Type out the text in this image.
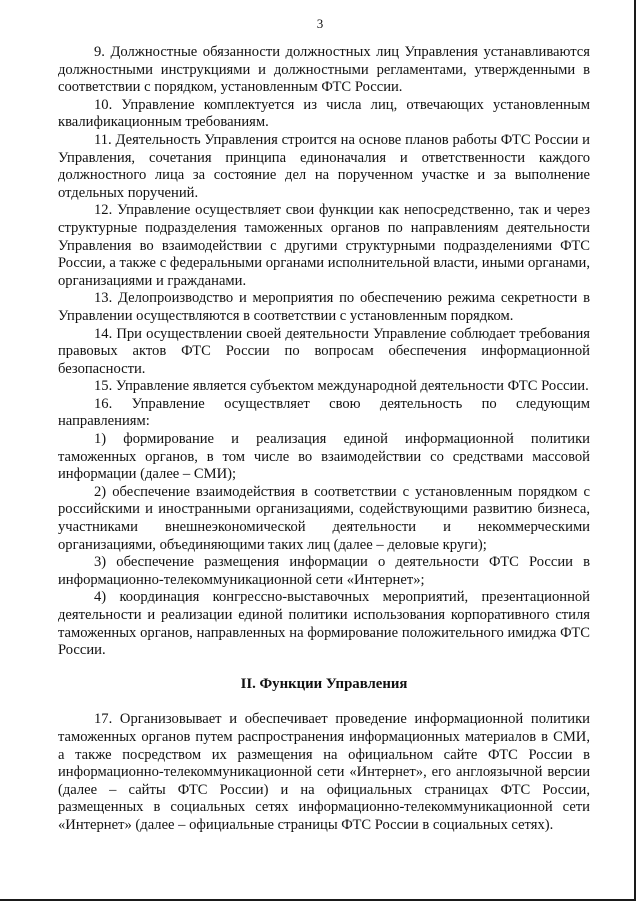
3

9. Должностные обязанности должностных лиц Управления устанавливаются должностными инструкциями и должностными регламентами, утвержденными в соответствии с порядком, установленным ФТС России.

10. Управление комплектуется из числа лиц, отвечающих установленным квалификационным требованиям.

11. Деятельность Управления строится на основе планов работы ФТС России и Управления, сочетания принципа единоначалия и ответственности каждого должностного лица за состояние дел на порученном участке и за выполнение отдельных поручений.

12. Управление осуществляет свои функции как непосредственно, так и через структурные подразделения таможенных органов по направлениям деятельности Управления во взаимодействии с другими структурными подразделениями ФТС России, а также с федеральными органами исполнительной власти, иными органами, организациями и гражданами.

13. Делопроизводство и мероприятия по обеспечению режима секретности в Управлении осуществляются в соответствии с установленным порядком.

14. При осуществлении своей деятельности Управление соблюдает требования правовых актов ФТС России по вопросам обеспечения информационной безопасности.

15. Управление является субъектом международной деятельности ФТС России.

16. Управление осуществляет свою деятельность по следующим направлениям:

1) формирование и реализация единой информационной политики таможенных органов, в том числе во взаимодействии со средствами массовой информации (далее – СМИ);

2) обеспечение взаимодействия в соответствии с установленным порядком с российскими и иностранными организациями, содействующими развитию бизнеса, участниками внешнеэкономической деятельности и некоммерческими организациями, объединяющими таких лиц (далее – деловые круги);

3) обеспечение размещения информации о деятельности ФТС России в информационно-телекоммуникационной сети «Интернет»;

4) координация конгрессно-выставочных мероприятий, презентационной деятельности и реализации единой политики использования корпоративного стиля таможенных органов, направленных на формирование положительного имиджа ФТС России.

II. Функции Управления

17. Организовывает и обеспечивает проведение информационной политики таможенных органов путем распространения информационных материалов в СМИ, а также посредством их размещения на официальном сайте ФТС России в информационно-телекоммуникационной сети «Интернет», его англоязычной версии (далее – сайты ФТС России) и на официальных страницах ФТС России, размещенных в социальных сетях информационно-телекоммуникационной сети «Интернет» (далее – официальные страницы ФТС России в социальных сетях).
